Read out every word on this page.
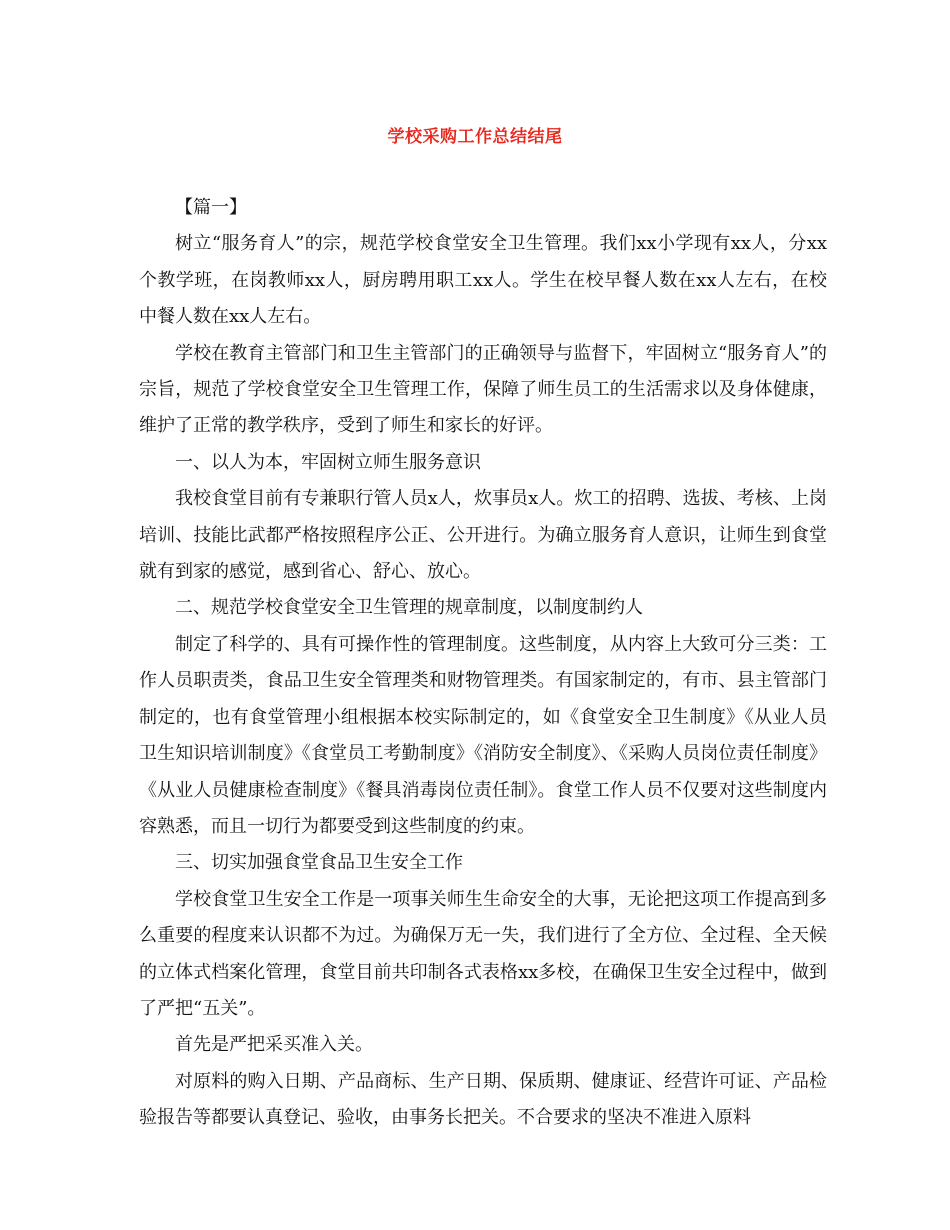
学校采购工作总结结尾

【篇一】

树立“服务育人”的宗，规范学校食堂安全卫生管理。我们xx小学现有xx人，分xx个教学班，在岗教师xx人，厨房聘用职工xx人。学生在校早餐人数在xx人左右，在校中餐人数在xx人左右。

学校在教育主管部门和卫生主管部门的正确领导与监督下，牢固树立“服务育人”的宗旨，规范了学校食堂安全卫生管理工作，保障了师生员工的生活需求以及身体健康，维护了正常的教学秩序，受到了师生和家长的好评。

一、以人为本，牢固树立师生服务意识

我校食堂目前有专兼职行管人员x人，炊事员x人。炊工的招聘、选拔、考核、上岗培训、技能比武都严格按照程序公正、公开进行。为确立服务育人意识，让师生到食堂就有到家的感觉，感到省心、舒心、放心。

二、规范学校食堂安全卫生管理的规章制度，以制度制约人

制定了科学的、具有可操作性的管理制度。这些制度，从内容上大致可分三类：工作人员职责类，食品卫生安全管理类和财物管理类。有国家制定的，有市、县主管部门制定的，也有食堂管理小组根据本校实际制定的，如《食堂安全卫生制度》《从业人员卫生知识培训制度》《食堂员工考勤制度》《消防安全制度》、《采购人员岗位责任制度》《从业人员健康检查制度》《餐具消毒岗位责任制》。食堂工作人员不仅要对这些制度内容熟悉，而且一切行为都要受到这些制度的约束。

三、切实加强食堂食品卫生安全工作

学校食堂卫生安全工作是一项事关师生生命安全的大事，无论把这项工作提高到多么重要的程度来认识都不为过。为确保万无一失，我们进行了全方位、全过程、全天候的立体式档案化管理，食堂目前共印制各式表格xx多校，在确保卫生安全过程中，做到了严把“五关”。

首先是严把采买准入关。

对原料的购入日期、产品商标、生产日期、保质期、健康证、经营许可证、产品检验报告等都要认真登记、验收，由事务长把关。不合要求的坚决不准进入原料
